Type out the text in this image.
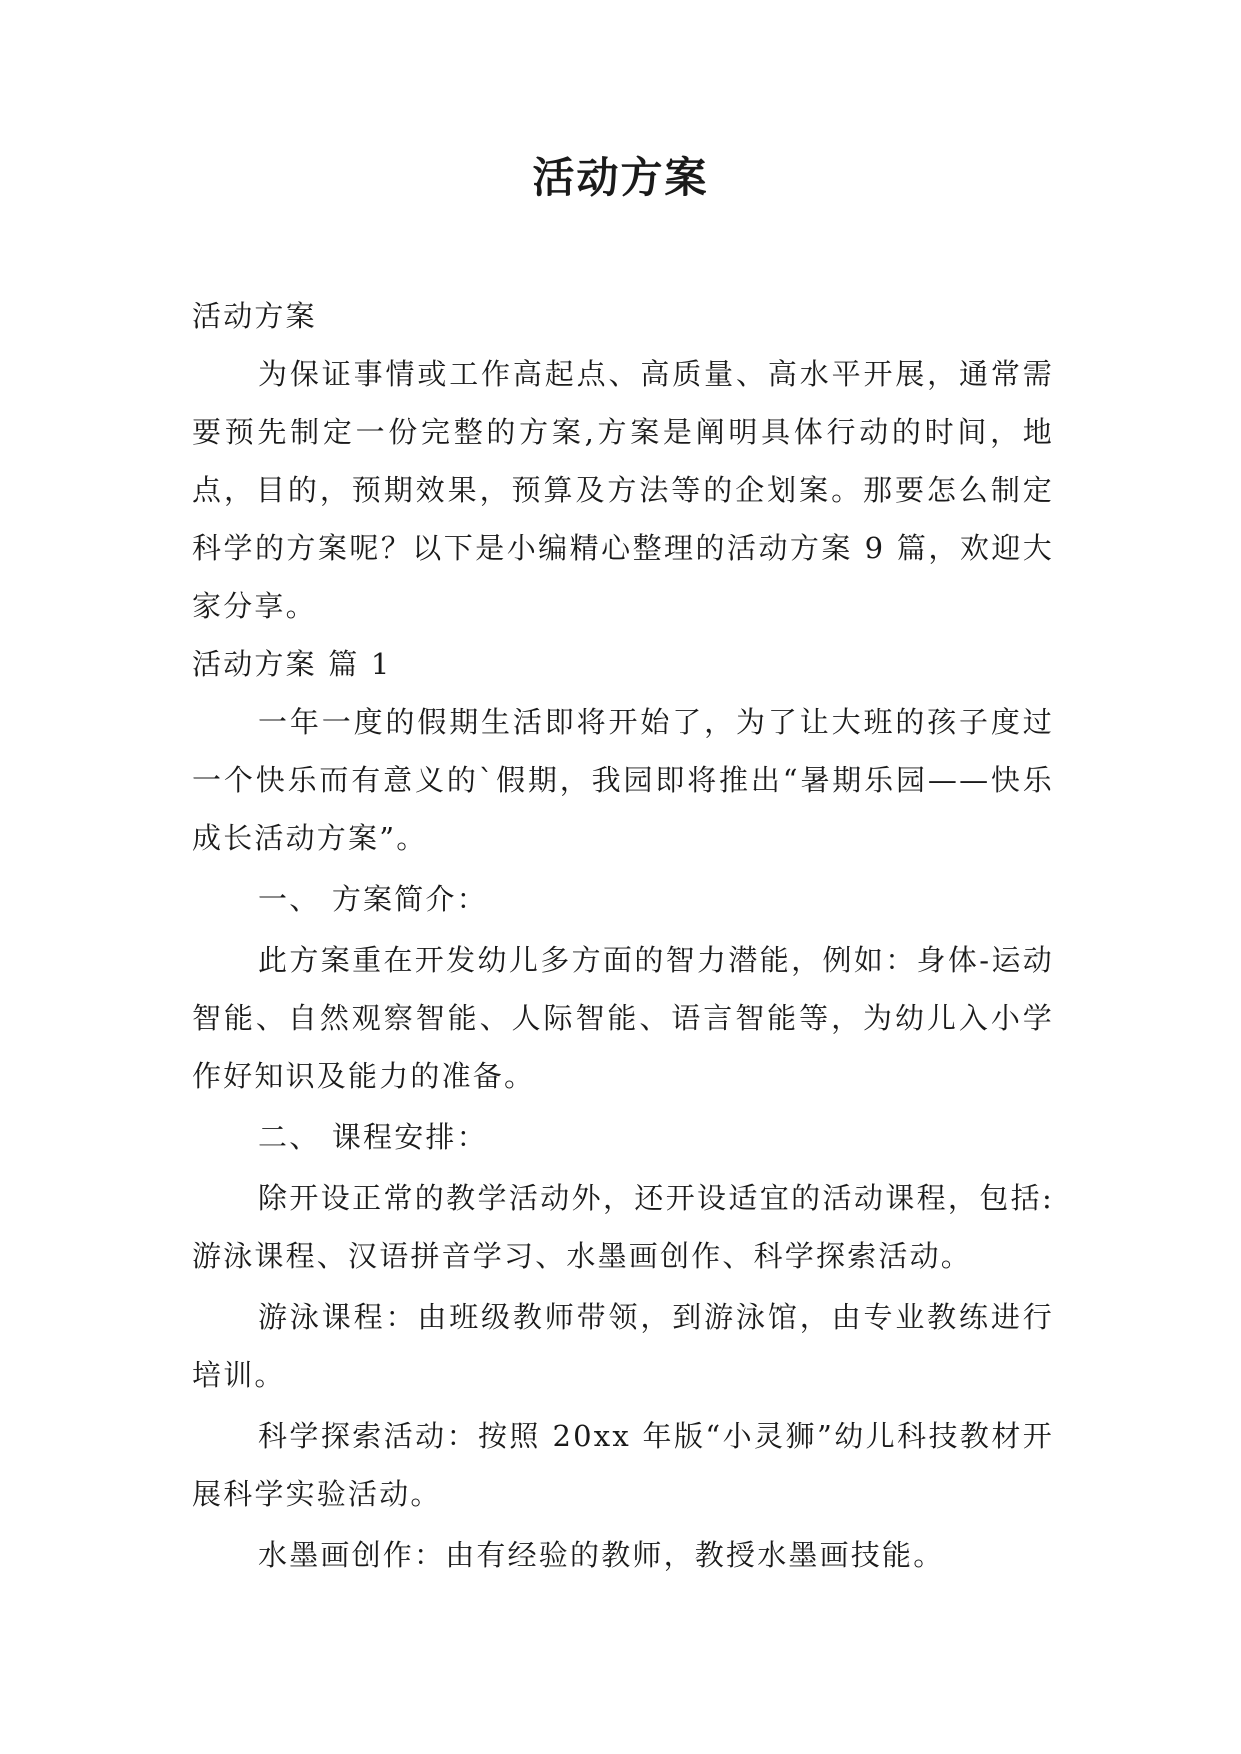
活动方案

活动方案

为保证事情或工作高起点、高质量、高水平开展，通常需要预先制定一份完整的方案,方案是阐明具体行动的时间，地点，目的，预期效果，预算及方法等的企划案。那要怎么制定科学的方案呢？以下是小编精心整理的活动方案 9 篇，欢迎大家分享。

活动方案 篇 1

一年一度的假期生活即将开始了，为了让大班的孩子度过一个快乐而有意义的`假期，我园即将推出“暑期乐园——快乐成长活动方案”。

一、 方案简介：

此方案重在开发幼儿多方面的智力潜能，例如：身体-运动智能、自然观察智能、人际智能、语言智能等，为幼儿入小学作好知识及能力的准备。

二、 课程安排：

除开设正常的教学活动外，还开设适宜的活动课程，包括: 游泳课程、汉语拼音学习、水墨画创作、科学探索活动。

游泳课程：由班级教师带领，到游泳馆，由专业教练进行培训。

科学探索活动：按照 20xx 年版“小灵狮”幼儿科技教材开展科学实验活动。

水墨画创作：由有经验的教师，教授水墨画技能。
